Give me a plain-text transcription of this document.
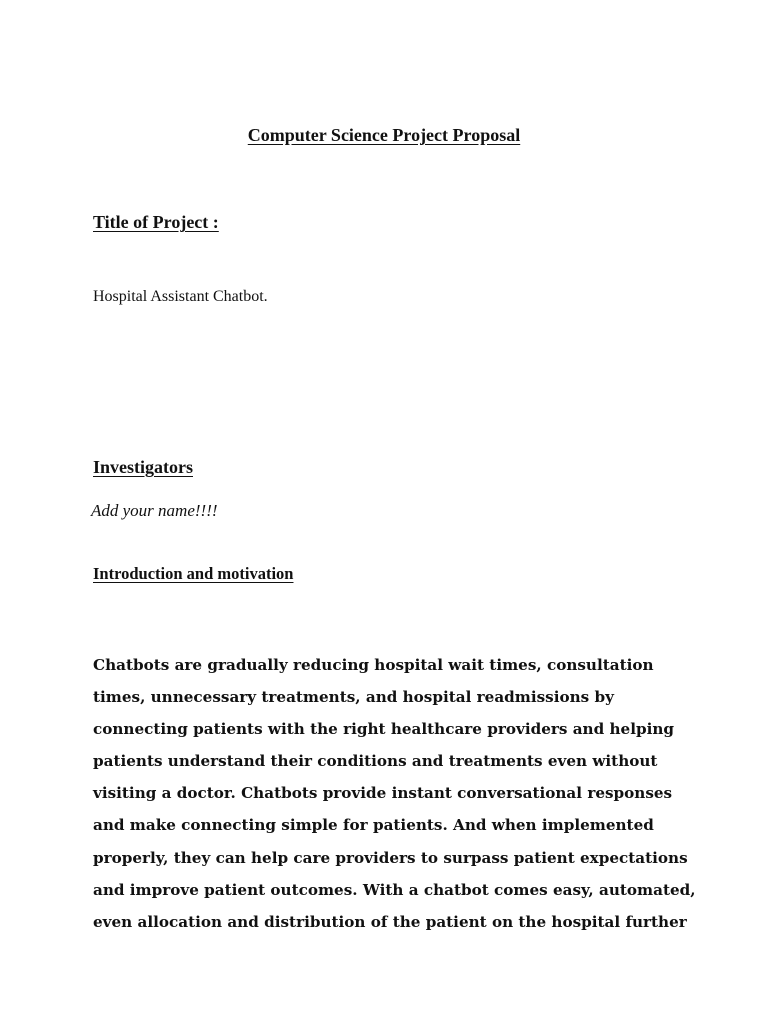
Computer Science Project Proposal
Title of Project :

Hospital Assistant Chatbot.

Investigators

Add your name!!!!

Introduction and motivation
Chatbots are gradually reducing hospital wait times, consultation
times, unnecessary treatments, and hospital readmissions by
connecting patients with the right healthcare providers and helping
patients understand their conditions and treatments even without
visiting a doctor. Chatbots provide instant conversational responses
and make connecting simple for patients. And when implemented
properly, they can help care providers to surpass patient expectations
and improve patient outcomes. With a chatbot comes easy, automated,
even allocation and distribution of the patient on the hospital further
